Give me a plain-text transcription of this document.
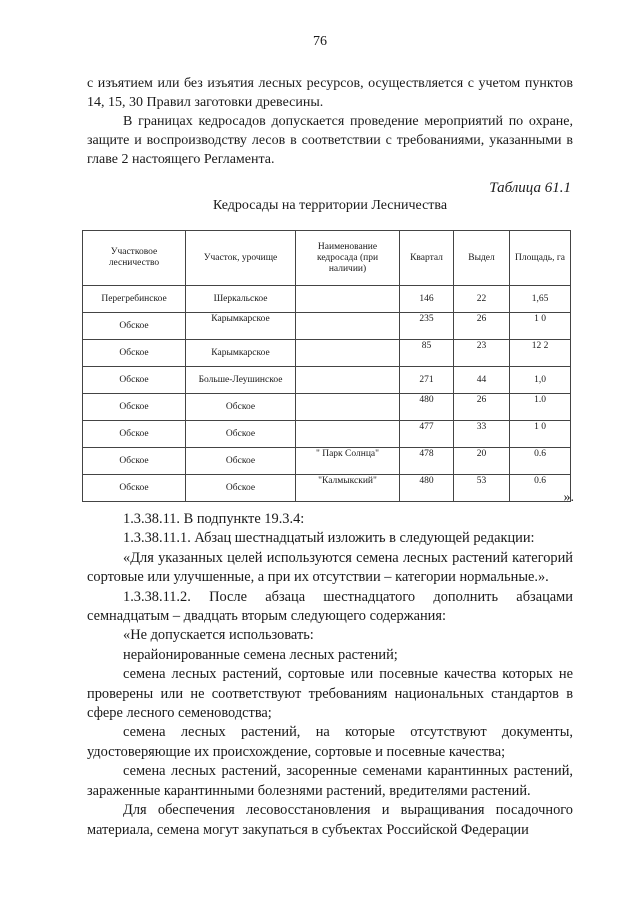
76

с изъятием или без изъятия лесных ресурсов, осуществляется с учетом пунктов 14, 15, 30 Правил заготовки древесины.

В границах кедросадов допускается проведение мероприятий по охране, защите и воспроизводству лесов в соответствии с требованиями, указанными в главе 2 настоящего Регламента.

Таблица 61.1
Кедросады на территории Лесничества
Участковое лесничество	Участок, урочище	Наименование кедросада (при наличии)	Квартал	Выдел	Площадь, га
Перегребинское	Шеркальское		146	22	1,65
Обское	Карымкарское		235	26	1 0
Обское	Карымкарское		85	23	12 2
Обское	Больше-Леушинское		271	44	1,0
Обское	Обское		480	26	1.0
Обское	Обское		477	33	1 0
Обское	Обское	" Парк Солнца"	478	20	0.6
Обское	Обское	"Калмыкский"	480	53	0.6
».

1.3.38.11. В подпункте 19.3.4:

1.3.38.11.1. Абзац шестнадцатый изложить в следующей редакции:

«Для указанных целей используются семена лесных растений категорий сортовые или улучшенные, а при их отсутствии – категории нормальные.».

1.3.38.11.2. После абзаца шестнадцатого дополнить абзацами семнадцатым – двадцать вторым следующего содержания:

«Не допускается использовать:

нерайонированные семена лесных растений;

семена лесных растений, сортовые или посевные качества которых не проверены или не соответствуют требованиям национальных стандартов в сфере лесного семеноводства;

семена лесных растений, на которые отсутствуют документы, удостоверяющие их происхождение, сортовые и посевные качества;

семена лесных растений, засоренные семенами карантинных растений, зараженные карантинными болезнями растений, вредителями растений.

Для обеспечения лесовосстановления и выращивания посадочного материала, семена могут закупаться в субъектах Российской Федерации
